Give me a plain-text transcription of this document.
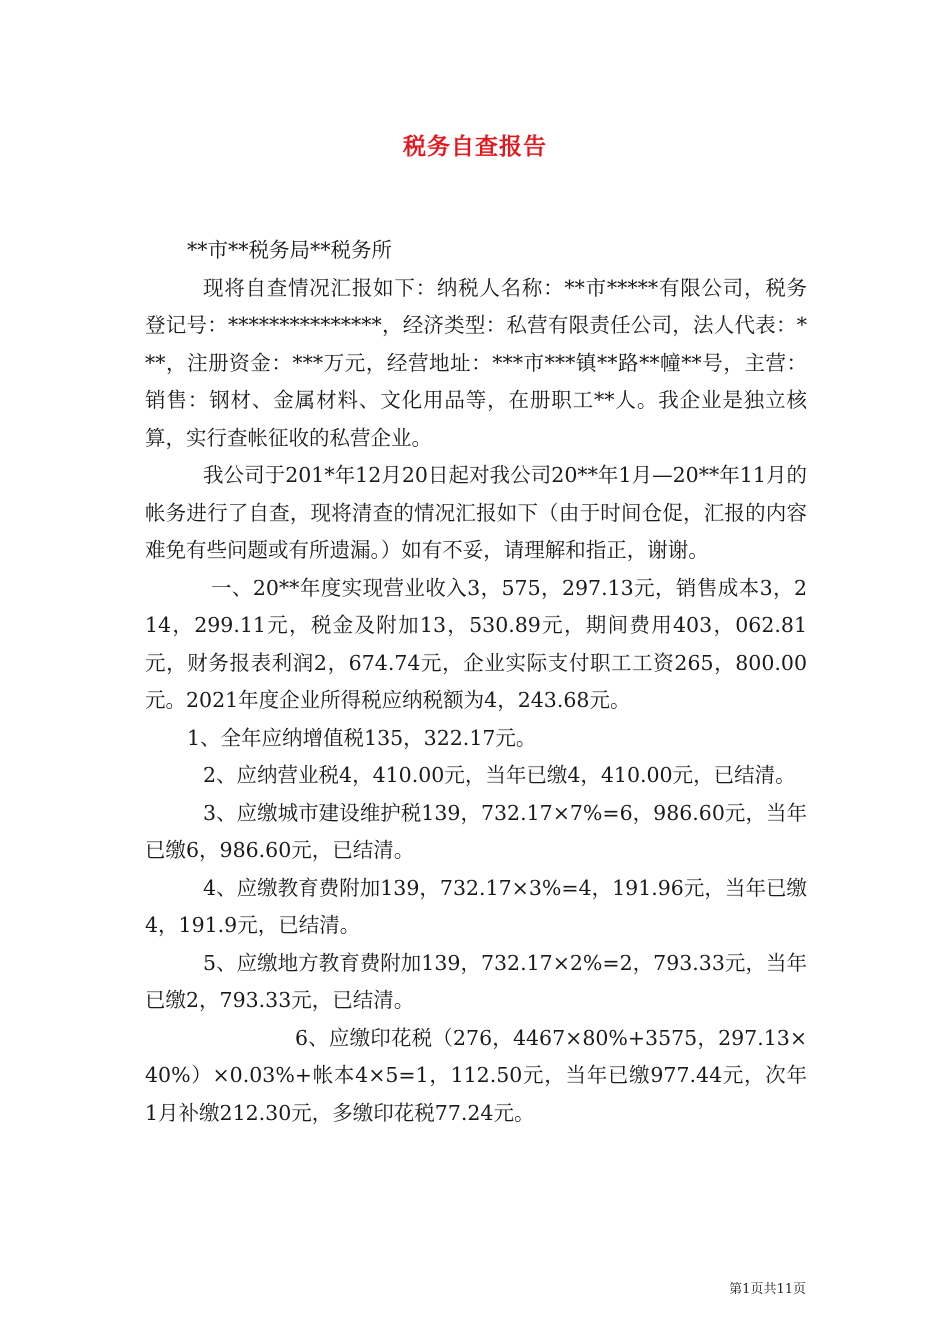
税务自查报告

**市**税务局**税务所

现将自查情况汇报如下：纳税人名称：**市*****有限公司，税务登记号：***************，经济类型：私营有限责任公司，法人代表：***，注册资金：***万元，经营地址：***市***镇**路**幢**号，主营：销售：钢材、金属材料、文化用品等，在册职工**人。我企业是独立核算，实行查帐征收的私营企业。

我公司于201*年12月20日起对我公司20**年1月—20**年11月的帐务进行了自查，现将清查的情况汇报如下（由于时间仓促，汇报的内容难免有些问题或有所遗漏。）如有不妥，请理解和指正，谢谢。

一、20**年度实现营业收入3，575，297.13元，销售成本3，214，299.11元，税金及附加13，530.89元，期间费用403，062.81元，财务报表利润2，674.74元，企业实际支付职工工资265，800.00元。2021年度企业所得税应纳税额为4，243.68元。

1、全年应纳增值税135，322.17元。

2、应纳营业税4，410.00元，当年已缴4，410.00元，已结清。

3、应缴城市建设维护税139，732.17×7%=6，986.60元，当年已缴6，986.60元，已结清。

4、应缴教育费附加139，732.17×3%=4，191.96元，当年已缴4，191.9元，已结清。

5、应缴地方教育费附加139，732.17×2%=2，793.33元，当年已缴2，793.33元，已结清。

6、应缴印花税（276，4467×80%+3575，297.13×40%）×0.03%+帐本4×5=1，112.50元，当年已缴977.44元，次年1月补缴212.30元，多缴印花税77.24元。

第1页共11页
